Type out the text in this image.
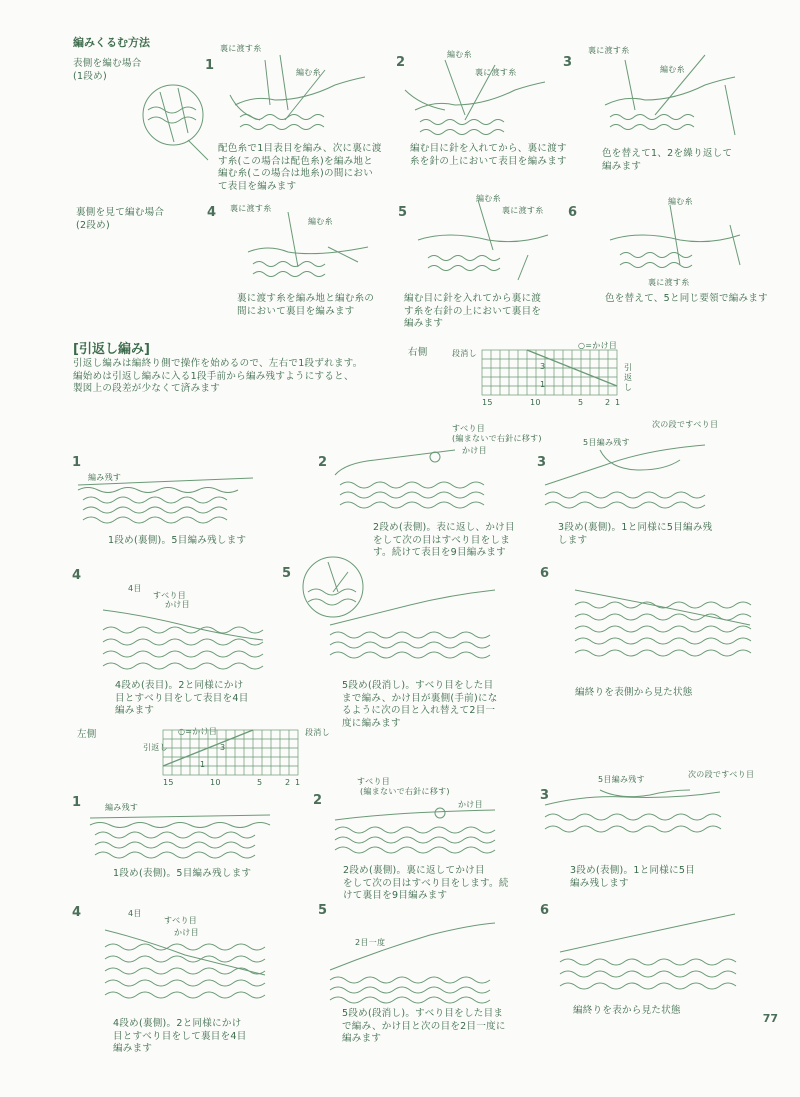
編みくるむ方法
表側を編む場合
(1段め)
1
裏に渡す糸
編む糸
配色糸で1目表目を編み、次に裏に渡
す糸(この場合は配色糸)を編み地と
編む糸(この場合は地糸)の間におい
て表目を編みます
2
編む糸
裏に渡す糸
編む目に針を入れてから、裏に渡す
糸を針の上において表目を編みます
3
裏に渡す糸
編む糸
色を替えて1、2を繰り返して
編みます
裏側を見て編む場合
(2段め)
4 裏に渡す糸
編む糸
裏に渡す糸を編み地と編む糸の
間において裏目を編みます
5
編む糸
裏に渡す糸
編む目に針を入れてから裏に渡
す糸を右針の上において裏目を
編みます
6
編む糸
裏に渡す糸
色を替えて、5と同じ要領で編みます
[引返し編み]
引返し編みは編終り側で操作を始めるので、左右で1段ずれます。
編始めは引返し編みに入る1段手前から編み残すようにすると、
製図上の段差が少なくて済みます
右側	段消し
○=かけ目
引返し
15	10	5	2 1
3
1
1
編み残す
1段め(裏側)。5目編み残します
2
すべり目
(編まないで右針に移す)
かけ目
2段め(表側)。表に返し、かけ目
をして次の目はすべり目をしま
す。続けて表目を9目編みます
3
次の段ですべり目
5目編み残す
3段め(裏側)。1と同様に5目編み残
します
4
4目
すべり目
かけ目
4段め(表目)。2と同様にかけ
目とすべり目をして表目を4目
編みます
5
5段め(段消し)。すべり目をした目
まで編み、かけ目が裏側(手前)にな
るように次の目と入れ替えて2目一
度に編みます
6
編終りを表側から見た状態
左側	○=かけ目	段消し
引返し
15	10	5	2 1
3
1
1	編み残す
1段め(表側)。5目編み残します
2
すべり目
(編まないで右針に移す)
かけ目
2段め(裏側)。裏に返してかけ目
をして次の目はすべり目をします。続
けて裏目を9目編みます
3
5目編み残す
次の段ですべり目
3段め(表側)。1と同様に5目
編み残します
4	4目
すべり目
かけ目
4段め(裏側)。2と同様にかけ
目とすべり目をして裏目を4目
編みます
5
2目一度
5段め(段消し)。すべり目をした目ま
で編み、かけ目と次の目を2目一度に
編みます
6
編終りを表から見た状態
77
